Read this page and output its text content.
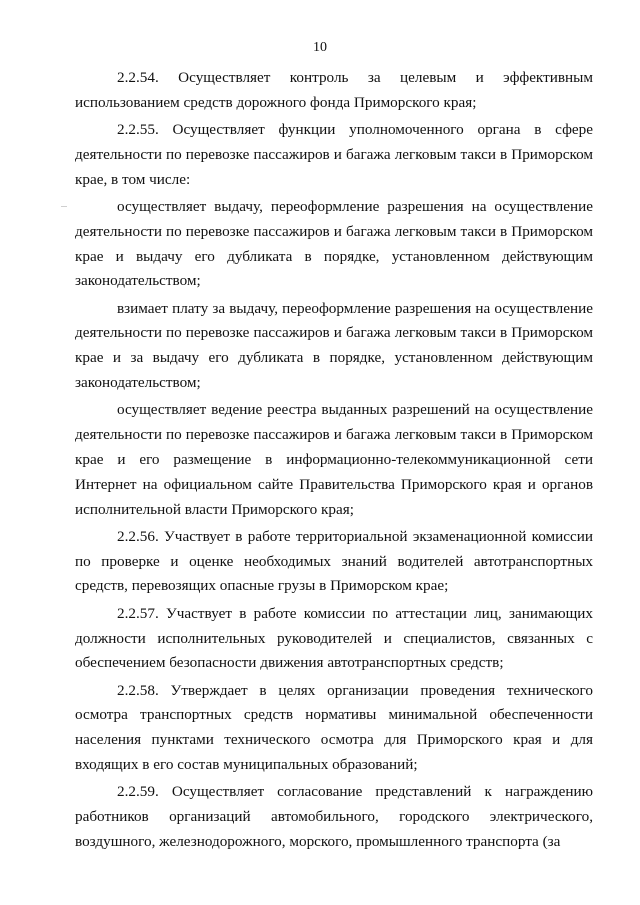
10

2.2.54. Осуществляет контроль за целевым и эффективным использованием средств дорожного фонда Приморского края;

2.2.55. Осуществляет функции уполномоченного органа в сфере деятельности по перевозке пассажиров и багажа легковым такси в Приморском крае, в том числе:

осуществляет выдачу, переоформление разрешения на осуществление деятельности по перевозке пассажиров и багажа легковым такси в Приморском крае и выдачу его дубликата в порядке, установленном действующим законодательством;

взимает плату за выдачу, переоформление разрешения на осуществление деятельности по перевозке пассажиров и багажа легковым такси в Приморском крае и за выдачу его дубликата в порядке, установленном действующим законодательством;

осуществляет ведение реестра выданных разрешений на осуществление деятельности по перевозке пассажиров и багажа легковым такси в Приморском крае и его размещение в информационно-телекоммуникационной сети Интернет на официальном сайте Правительства Приморского края и органов исполнительной власти Приморского края;

2.2.56. Участвует в работе территориальной экзаменационной комиссии по проверке и оценке необходимых знаний водителей автотранспортных средств, перевозящих опасные грузы в Приморском крае;

2.2.57. Участвует в работе комиссии по аттестации лиц, занимающих должности исполнительных руководителей и специалистов, связанных с обеспечением безопасности движения автотранспортных средств;

2.2.58. Утверждает в целях организации проведения технического осмотра транспортных средств нормативы минимальной обеспеченности населения пунктами технического осмотра для Приморского края и для входящих в его состав муниципальных образований;

2.2.59. Осуществляет согласование представлений к награждению работников организаций автомобильного, городского электрического, воздушного, железнодорожного, морского, промышленного транспорта (за
